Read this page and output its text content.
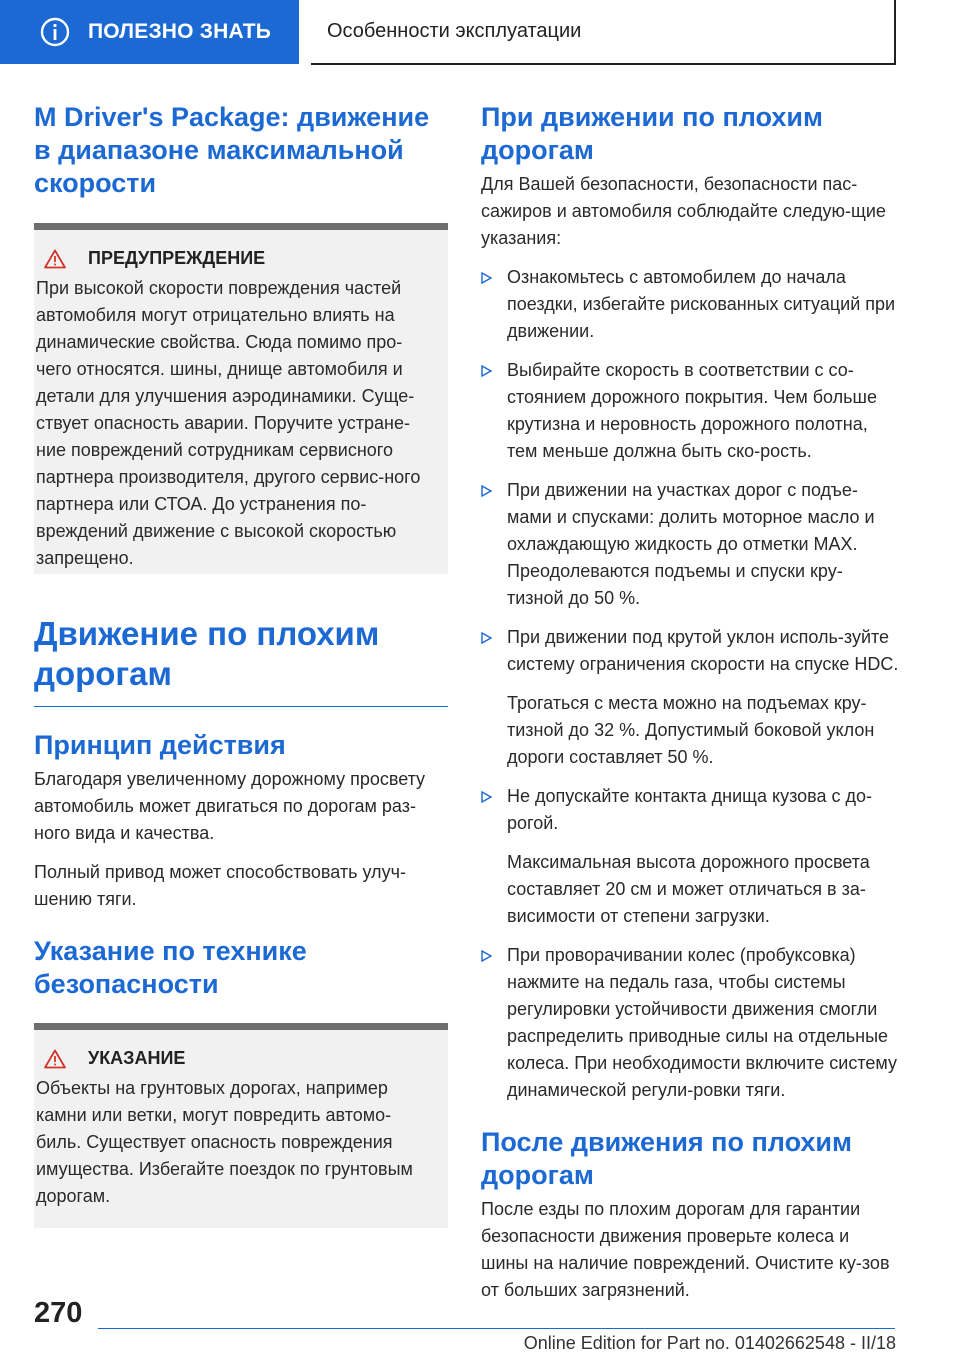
ПОЛЕЗНО ЗНАТЬ	Особенности эксплуатации
M Driver's Package: движение в диапазоне максимальной скорости
ПРЕДУПРЕЖДЕНИЕ

При высокой скорости повреждения частей автомобиля могут отрицательно влиять на динамические свойства. Сюда помимо про-чего относятся. шины, днище автомобиля и детали для улучшения аэродинамики. Суще-ствует опасность аварии. Поручите устране-ние повреждений сотрудникам сервисного партнера производителя, другого сервис-ного партнера или СТОА. До устранения по-вреждений движение с высокой скоростью запрещено.

Движение по плохим дорогам
Принцип действия

Благодаря увеличенному дорожному просвету автомобиль может двигаться по дорогам раз-ного вида и качества.

Полный привод может способствовать улуч-шению тяги.

Указание по технике безопасности
УКАЗАНИЕ

Объекты на грунтовых дорогах, например камни или ветки, могут повредить автомо-биль. Существует опасность повреждения имущества. Избегайте поездок по грунтовым дорогам.

При движении по плохим дорогам

Для Вашей безопасности, безопасности пас-сажиров и автомобиля соблюдайте следую-щие указания:

Ознакомьтесь с автомобилем до начала поездки, избегайте рискованных ситуаций при движении.

Выбирайте скорость в соответствии с со-стоянием дорожного покрытия. Чем больше крутизна и неровность дорожного полотна, тем меньше должна быть ско-рость.

При движении на участках дорог с подъе-мами и спусками: долить моторное масло и охлаждающую жидкость до отметки MAX. Преодолеваются подъемы и спуски кру-тизной до 50 %.

При движении под крутой уклон исполь-зуйте систему ограничения скорости на спуске HDC.

Трогаться с места можно на подъемах кру-тизной до 32 %. Допустимый боковой уклон дороги составляет 50 %.

Не допускайте контакта днища кузова с до-рогой.

Максимальная высота дорожного просвета составляет 20 см и может отличаться в за-висимости от степени загрузки.

При проворачивании колес (пробуксовка) нажмите на педаль газа, чтобы системы регулировки устойчивости движения смогли распределить приводные силы на отдельные колеса. При необходимости включите систему динамической регули-ровки тяги.

После движения по плохим дорогам

После езды по плохим дорогам для гарантии безопасности движения проверьте колеса и шины на наличие повреждений. Очистите ку-зов от больших загрязнений.

270
Online Edition for Part no. 01402662548 - II/18
